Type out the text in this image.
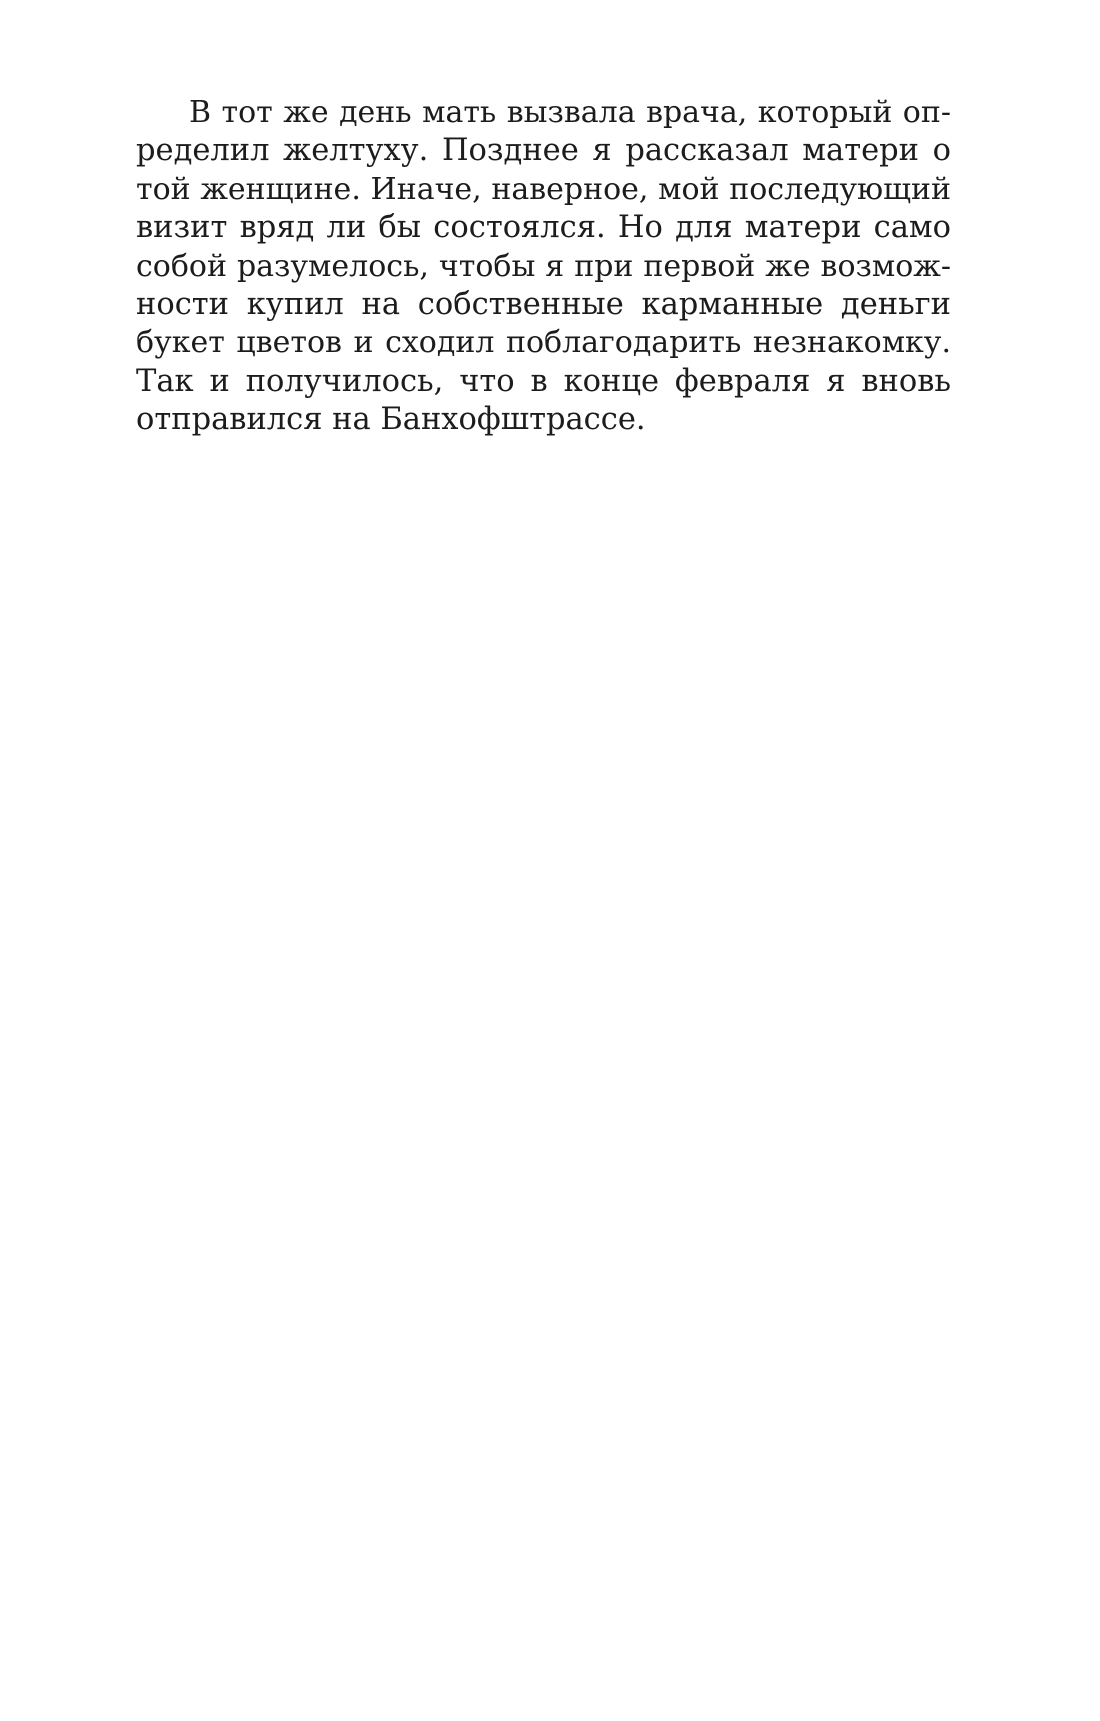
В тот же день мать вызвала врача, который оп-
ределил желтуху. Позднее я рассказал матери о
той женщине. Иначе, наверное, мой последующий
визит вряд ли бы состоялся. Но для матери само
собой разумелось, чтобы я при первой же возмож-
ности купил на собственные карманные деньги
букет цветов и сходил поблагодарить незнакомку.
Так и получилось, что в конце февраля я вновь
отправился на Банхофштрассе.
